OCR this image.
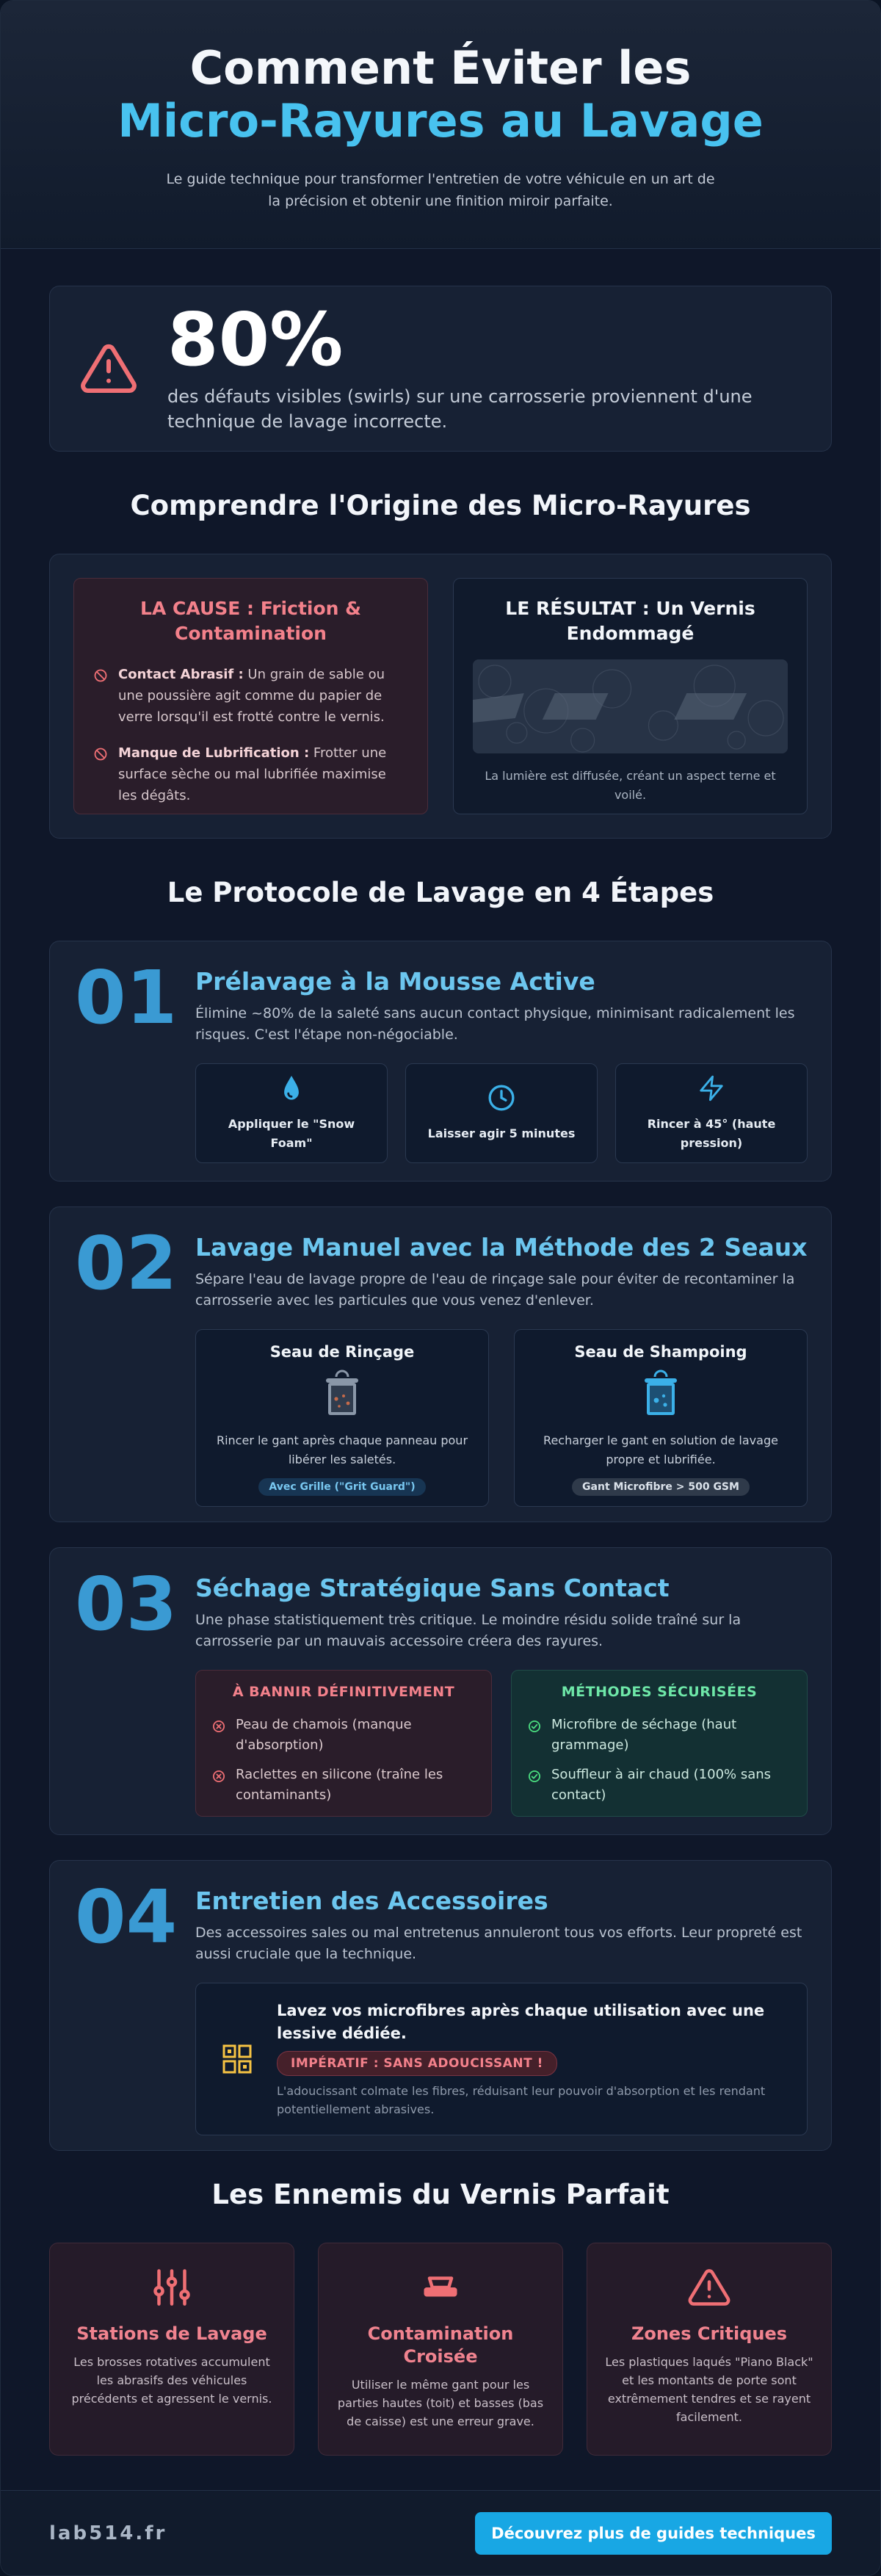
Comment Éviter les
Micro-Rayures au Lavage

Le guide technique pour transformer l'entretien de votre véhicule en un art de la précision et obtenir une finition miroir parfaite.

80%
des défauts visibles (swirls) sur une carrosserie proviennent d'une technique de lavage incorrecte.
Comprendre l'Origine des Micro-Rayures
LA CAUSE : Friction & Contamination
Contact Abrasif : Un grain de sable ou une poussière agit comme du papier de verre lorsqu'il est frotté contre le vernis.
Manque de Lubrification : Frotter une surface sèche ou mal lubrifiée maximise les dégâts.
LE RÉSULTAT : Un Vernis Endommagé

La lumière est diffusée, créant un aspect terne et voilé.

Le Protocole de Lavage en 4 Étapes
01 Prélavage à la Mousse Active
Élimine ~80% de la saleté sans aucun contact physique, minimisant radicalement les risques. C'est l'étape non-négociable.
Appliquer le "Snow Foam"
Laisser agir 5 minutes
Rincer à 45° (haute pression)
02 Lavage Manuel avec la Méthode des 2 Seaux
Sépare l'eau de lavage propre de l'eau de rinçage sale pour éviter de recontaminer la carrosserie avec les particules que vous venez d'enlever.
Seau de Rinçage

Rincer le gant après chaque panneau pour libérer les saletés.

Avec Grille ("Grit Guard")
Seau de Shampoing

Recharger le gant en solution de lavage propre et lubrifiée.

Gant Microfibre > 500 GSM
03 Séchage Stratégique Sans Contact
Une phase statistiquement très critique. Le moindre résidu solide traîné sur la carrosserie par un mauvais accessoire créera des rayures.
À BANNIR DÉFINITIVEMENT
Peau de chamois (manque d'absorption)
Raclettes en silicone (traîne les contaminants)
MÉTHODES SÉCURISÉES
Microfibre de séchage (haut grammage)
Souffleur à air chaud (100% sans contact)
04 Entretien des Accessoires
Des accessoires sales ou mal entretenus annuleront tous vos efforts. Leur propreté est aussi cruciale que la technique.
Lavez vos microfibres après chaque utilisation avec une lessive dédiée.
IMPÉRATIF : SANS ADOUCISSANT !
L'adoucissant colmate les fibres, réduisant leur pouvoir d'absorption et les rendant potentiellement abrasives.
Les Ennemis du Vernis Parfait
Stations de Lavage

Les brosses rotatives accumulent les abrasifs des véhicules précédents et agressent le vernis.

Contamination Croisée

Utiliser le même gant pour les parties hautes (toit) et basses (bas de caisse) est une erreur grave.

Zones Critiques

Les plastiques laqués "Piano Black" et les montants de porte sont extrêmement tendres et se rayent facilement.

lab514.fr	Découvrez plus de guides techniques
